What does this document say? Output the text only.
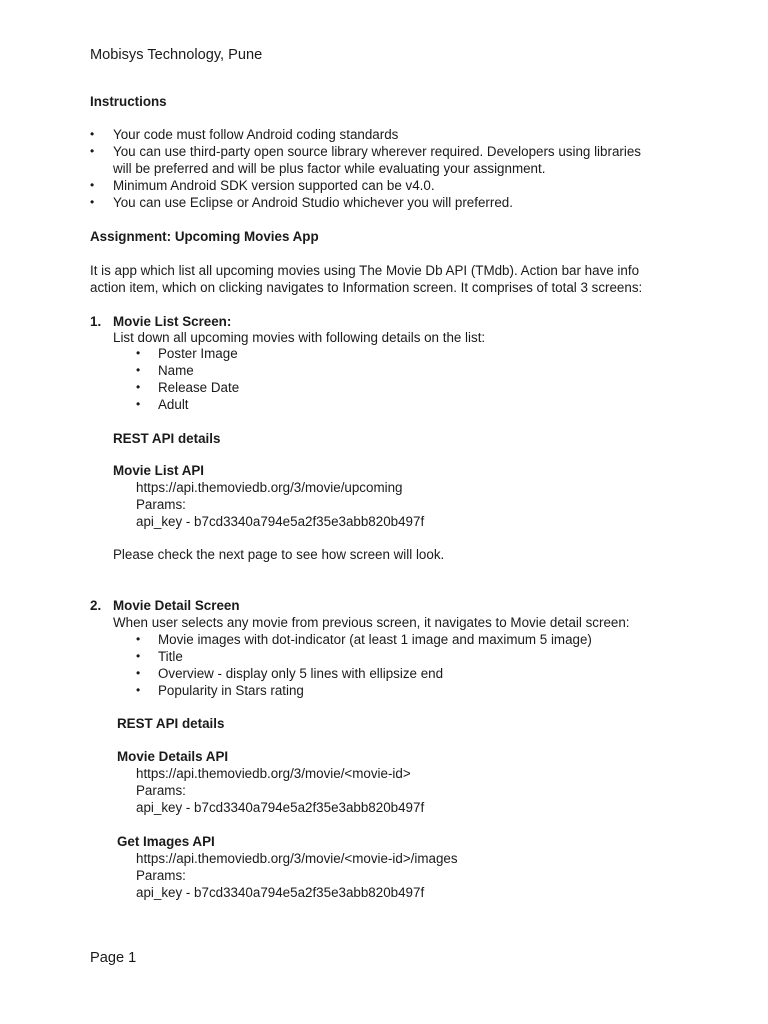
Mobisys Technology, Pune
Instructions
• Your code must follow Android coding standards
• You can use third-party open source library wherever required. Developers using libraries
will be preferred and will be plus factor while evaluating your assignment.
• Minimum Android SDK version supported can be v4.0.
• You can use Eclipse or Android Studio whichever you will preferred.
Assignment: Upcoming Movies App
It is app which list all upcoming movies using The Movie Db API (TMdb). Action bar have info
action item, which on clicking navigates to Information screen. It comprises of total 3 screens:
1. Movie List Screen:
List down all upcoming movies with following details on the list:
• Poster Image
• Name
• Release Date
• Adult
REST API details
Movie List API
https://api.themoviedb.org/3/movie/upcoming
Params:
api_key - b7cd3340a794e5a2f35e3abb820b497f
Please check the next page to see how screen will look.
2. Movie Detail Screen
When user selects any movie from previous screen, it navigates to Movie detail screen:
• Movie images with dot-indicator (at least 1 image and maximum 5 image)
• Title
• Overview - display only 5 lines with ellipsize end
• Popularity in Stars rating
REST API details
Movie Details API
https://api.themoviedb.org/3/movie/<movie-id>
Params:
api_key - b7cd3340a794e5a2f35e3abb820b497f
Get Images API
https://api.themoviedb.org/3/movie/<movie-id>/images
Params:
api_key - b7cd3340a794e5a2f35e3abb820b497f
Page 1
